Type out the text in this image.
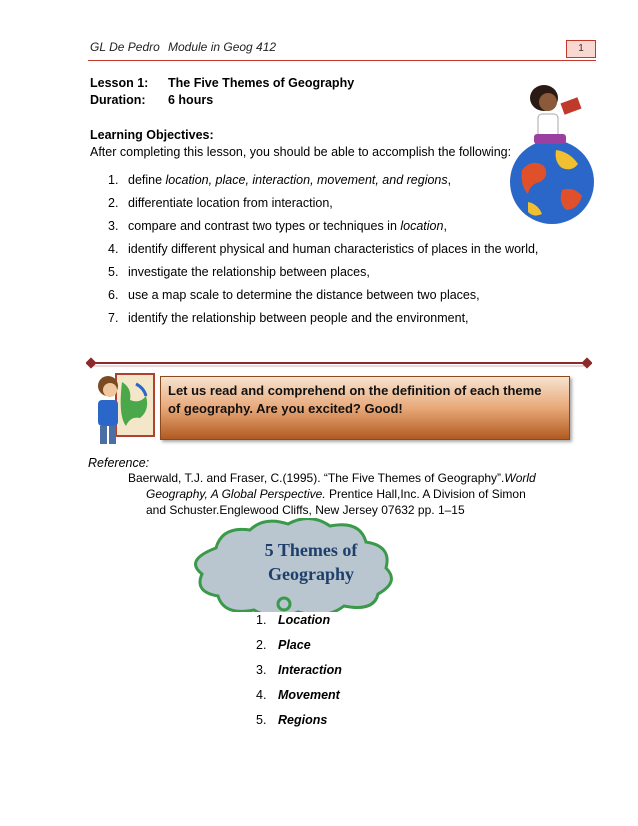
GL De Pedro Module in Geog 412	1
Lesson 1: The Five Themes of Geography
Duration: 6 hours
Learning Objectives:
After completing this lesson, you should be able to accomplish the following:
1. define location, place, interaction, movement, and regions,
2. differentiate location from interaction,
3. compare and contrast two types or techniques in location,
4. identify different physical and human characteristics of places in the world,
5. investigate the relationship between places,
6. use a map scale to determine the distance between two places,
7. identify the relationship between people and the environment,
Let us read and comprehend on the definition of each theme
of geography. Are you excited? Good!
Reference:
Baerwald, T.J. and Fraser, C.(1995). “The Five Themes of Geography”.World
Geography, A Global Perspective. Prentice Hall,Inc. A Division of Simon
and Schuster.Englewood Cliffs, New Jersey 07632 pp. 1–15
5 Themes of
Geography
1. Location
2. Place
3. Interaction
4. Movement
5. Regions
